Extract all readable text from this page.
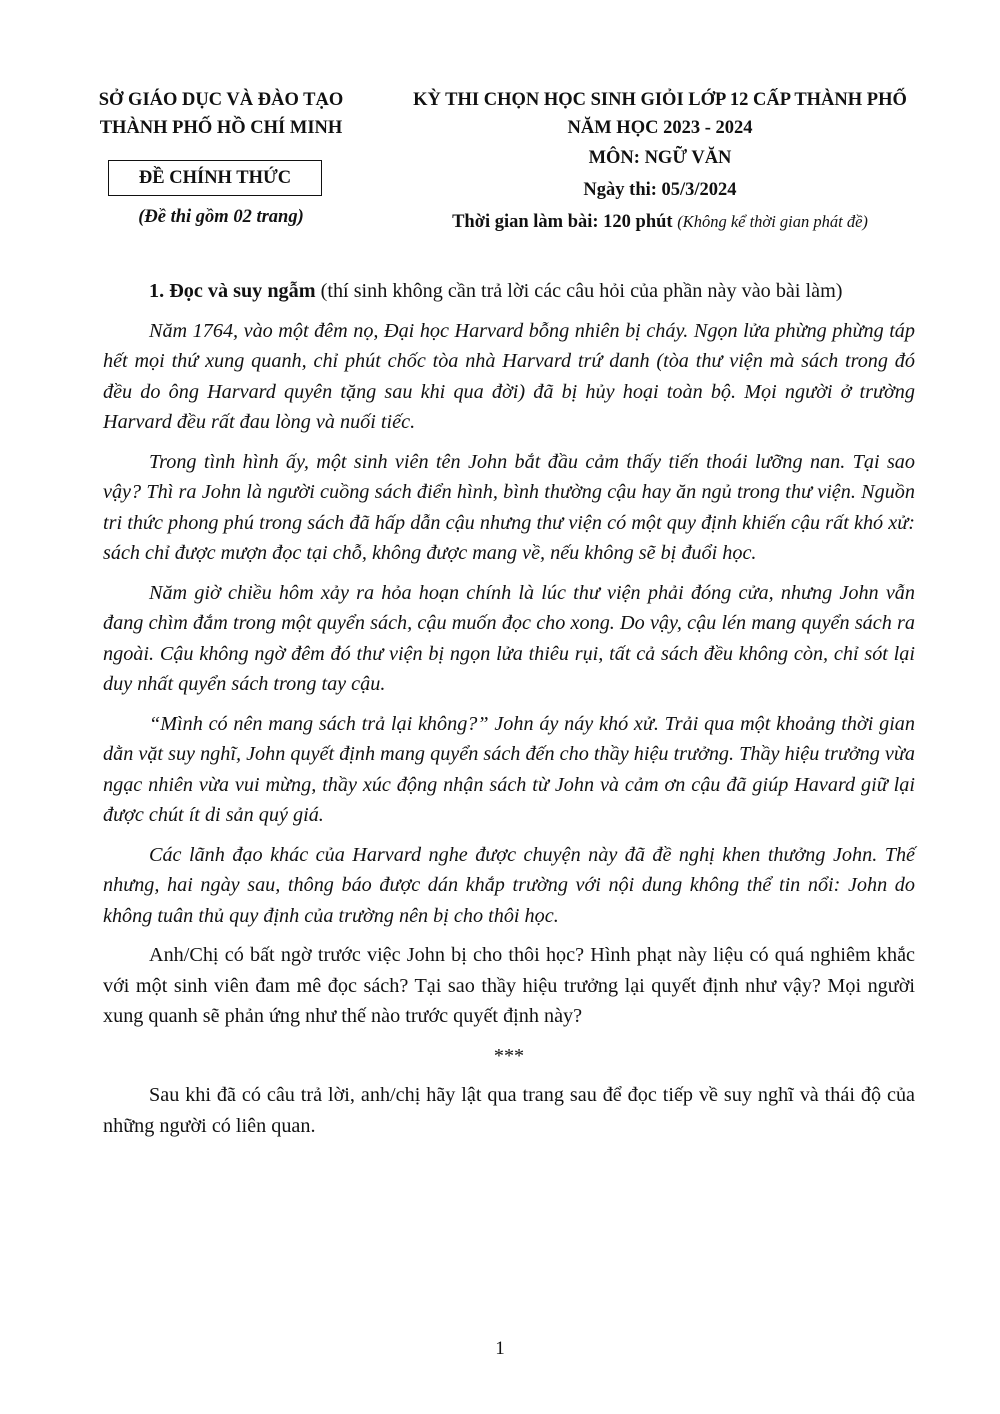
SỞ GIÁO DỤC VÀ ĐÀO TẠO
THÀNH PHỐ HỒ CHÍ MINH
ĐỀ CHÍNH THỨC
(Đề thi gồm 02 trang)
KỲ THI CHỌN HỌC SINH GIỎI LỚP 12 CẤP THÀNH PHỐ
NĂM HỌC 2023 - 2024
MÔN: NGỮ VĂN
Ngày thi: 05/3/2024
Thời gian làm bài: 120 phút (Không kể thời gian phát đề)

1. Đọc và suy ngẫm (thí sinh không cần trả lời các câu hỏi của phần này vào bài làm)

Năm 1764, vào một đêm nọ, Đại học Harvard bỗng nhiên bị cháy. Ngọn lửa phừng phừng táp hết mọi thứ xung quanh, chỉ phút chốc tòa nhà Harvard trứ danh (tòa thư viện mà sách trong đó đều do ông Harvard quyên tặng sau khi qua đời) đã bị hủy hoại toàn bộ. Mọi người ở trường Harvard đều rất đau lòng và nuối tiếc.

Trong tình hình ấy, một sinh viên tên John bắt đầu cảm thấy tiến thoái lưỡng nan. Tại sao vậy? Thì ra John là người cuồng sách điển hình, bình thường cậu hay ăn ngủ trong thư viện. Nguồn tri thức phong phú trong sách đã hấp dẫn cậu nhưng thư viện có một quy định khiến cậu rất khó xử: sách chỉ được mượn đọc tại chỗ, không được mang về, nếu không sẽ bị đuổi học.

Năm giờ chiều hôm xảy ra hỏa hoạn chính là lúc thư viện phải đóng cửa, nhưng John vẫn đang chìm đắm trong một quyển sách, cậu muốn đọc cho xong. Do vậy, cậu lén mang quyển sách ra ngoài. Cậu không ngờ đêm đó thư viện bị ngọn lửa thiêu rụi, tất cả sách đều không còn, chỉ sót lại duy nhất quyển sách trong tay cậu.

“Mình có nên mang sách trả lại không?” John áy náy khó xử. Trải qua một khoảng thời gian dằn vặt suy nghĩ, John quyết định mang quyển sách đến cho thầy hiệu trưởng. Thầy hiệu trưởng vừa ngạc nhiên vừa vui mừng, thầy xúc động nhận sách từ John và cảm ơn cậu đã giúp Havard giữ lại được chút ít di sản quý giá.

Các lãnh đạo khác của Harvard nghe được chuyện này đã đề nghị khen thưởng John. Thế nhưng, hai ngày sau, thông báo được dán khắp trường với nội dung không thể tin nổi: John do không tuân thủ quy định của trường nên bị cho thôi học.

Anh/Chị có bất ngờ trước việc John bị cho thôi học? Hình phạt này liệu có quá nghiêm khắc với một sinh viên đam mê đọc sách? Tại sao thầy hiệu trưởng lại quyết định như vậy? Mọi người xung quanh sẽ phản ứng như thế nào trước quyết định này?

***

Sau khi đã có câu trả lời, anh/chị hãy lật qua trang sau để đọc tiếp về suy nghĩ và thái độ của những người có liên quan.

1
